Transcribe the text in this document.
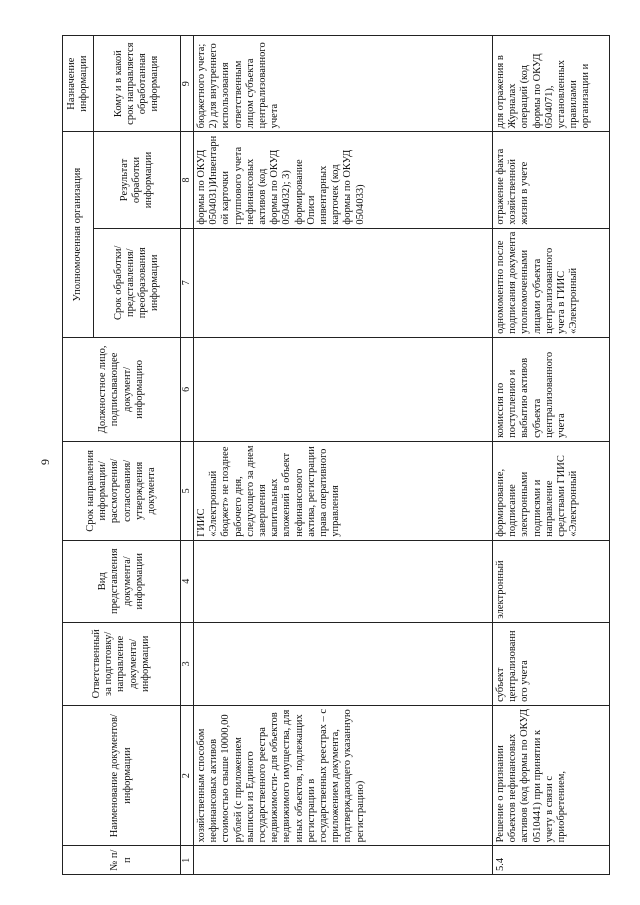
9
№ п/п	Наименование документов/ информации	Ответственный за подготовку/ направление документа/ информации	Вид представления документа/ информации	Срок направления информации/ рассмотрения/ согласования/ утверждения документа	Должностное лицо, подписывающее документ/ информацию	Уполномоченная организация		Назначение информации
						Срок обработки/ представления/ преобразования информации	Результат обработки информации	Кому и в какой срок направляется обработанная информация
1	2	3	4	5	6	7	8	9
	хозяйственным способом нефинансовых активов стоимостью свыше 10000,00 рублей (с приложением выписки из Единого государственного реестра недвижимости- для объектов недвижимого имущества, для иных объектов, подлежащих регистрации в государственных реестрах – с приложением документа, подтверждающего указанную регистрацию)			ГИИС «Электронный бюджет» не позднее рабочего дня, следующего за днем завершения капитальных вложений в объект нефинансового актива, регистрации права оперативного управления			формы по ОКУД 0504031)Инвентарной карточки группового учета нефинансовых активов (код формы по ОКУД 0504032); 3) формирование Описи инвентарных карточек (код формы по ОКУД 0504033)	бюджетного учета; 2) для внутреннего использования ответственным лицом субъекта централизованного учета
5.4	Решение о признании объектов нефинансовых активов (код формы по ОКУД 0510441) при принятии к учету в связи с приобретением,	субъект централизованного учета	электронный	формирование, подписание электронными подписями и направление средствами ГИИС «Электронный	комиссия по поступлению и выбытию активов субъекта централизованного учета	одномоментно после подписания документа уполномоченными лицами субъекта централизованного учета в ГИИС «Электронный	отражение факта хозяйственной жизни в учете	для отражения в Журналах операций (код формы по ОКУД 0504071), установленных правилами организации и
